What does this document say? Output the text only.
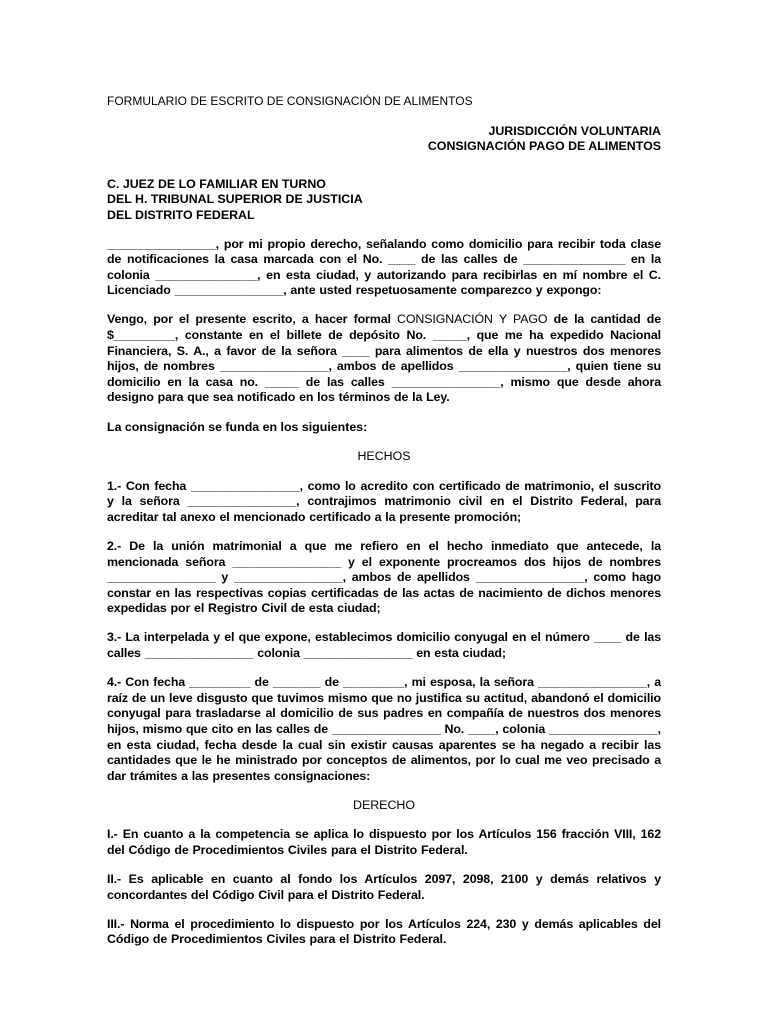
FORMULARIO DE ESCRITO DE CONSIGNACIÓN DE ALIMENTOS
JURISDICCIÓN VOLUNTARIA
CONSIGNACIÓN PAGO DE ALIMENTOS
C. JUEZ DE LO FAMILIAR EN TURNO
DEL H. TRIBUNAL SUPERIOR DE JUSTICIA
DEL DISTRITO FEDERAL

________________, por mi propio derecho, señalando como domicilio para recibir toda clase de notificaciones la casa marcada con el No. ____ de las calles de _______________ en la colonia _______________, en esta ciudad, y autorizando para recibirlas en mí nombre el C. Licenciado ________________, ante usted respetuosamente comparezco y expongo:

Vengo, por el presente escrito, a hacer formal CONSIGNACIÓN Y PAGO de la cantidad de $_________, constante en el billete de depósito No. _____, que me ha expedido Nacional Financiera, S. A., a favor de la señora ____ para alimentos de ella y nuestros dos menores hijos, de nombres ________________, ambos de apellidos ________________, quien tiene su domicilio en la casa no. _____ de las calles ________________, mismo que desde ahora designo para que sea notificado en los términos de la Ley.

La consignación se funda en los siguientes:

HECHOS

1.- Con fecha ________________, como lo acredito con certificado de matrimonio, el suscrito y la señora ________________, contrajimos matrimonio civil en el Distrito Federal, para acreditar tal anexo el mencionado certificado a la presente promoción;

2.- De la unión matrimonial a que me refiero en el hecho inmediato que antecede, la mencionada señora ________________ y el exponente procreamos dos hijos de nombres ________________ y ________________, ambos de apellidos ________________, como hago constar en las respectivas copias certificadas de las actas de nacimiento de dichos menores expedidas por el Registro Civil de esta ciudad;

3.- La interpelada y el que expone, establecimos domicilio conyugal en el número ____ de las calles ________________ colonia ________________ en esta ciudad;

4.- Con fecha _________ de _______ de _________, mi esposa, la señora ________________, a raíz de un leve disgusto que tuvimos mismo que no justifica su actitud, abandonó el domicilio conyugal para trasladarse al domicilio de sus padres en compañía de nuestros dos menores hijos, mismo que cito en las calles de ________________ No. ____, colonia ________________, en esta ciudad, fecha desde la cual sin existir causas aparentes se ha negado a recibir las cantidades que le he ministrado por conceptos de alimentos, por lo cual me veo precisado a dar trámites a las presentes consignaciones:

DERECHO

I.- En cuanto a la competencia se aplica lo dispuesto por los Artículos 156 fracción VIII, 162 del Código de Procedimientos Civiles para el Distrito Federal.

II.- Es aplicable en cuanto al fondo los Artículos 2097, 2098, 2100 y demás relativos y concordantes del Código Civil para el Distrito Federal.

III.- Norma el procedimiento lo dispuesto por los Artículos 224, 230 y demás aplicables del Código de Procedimientos Civiles para el Distrito Federal.
